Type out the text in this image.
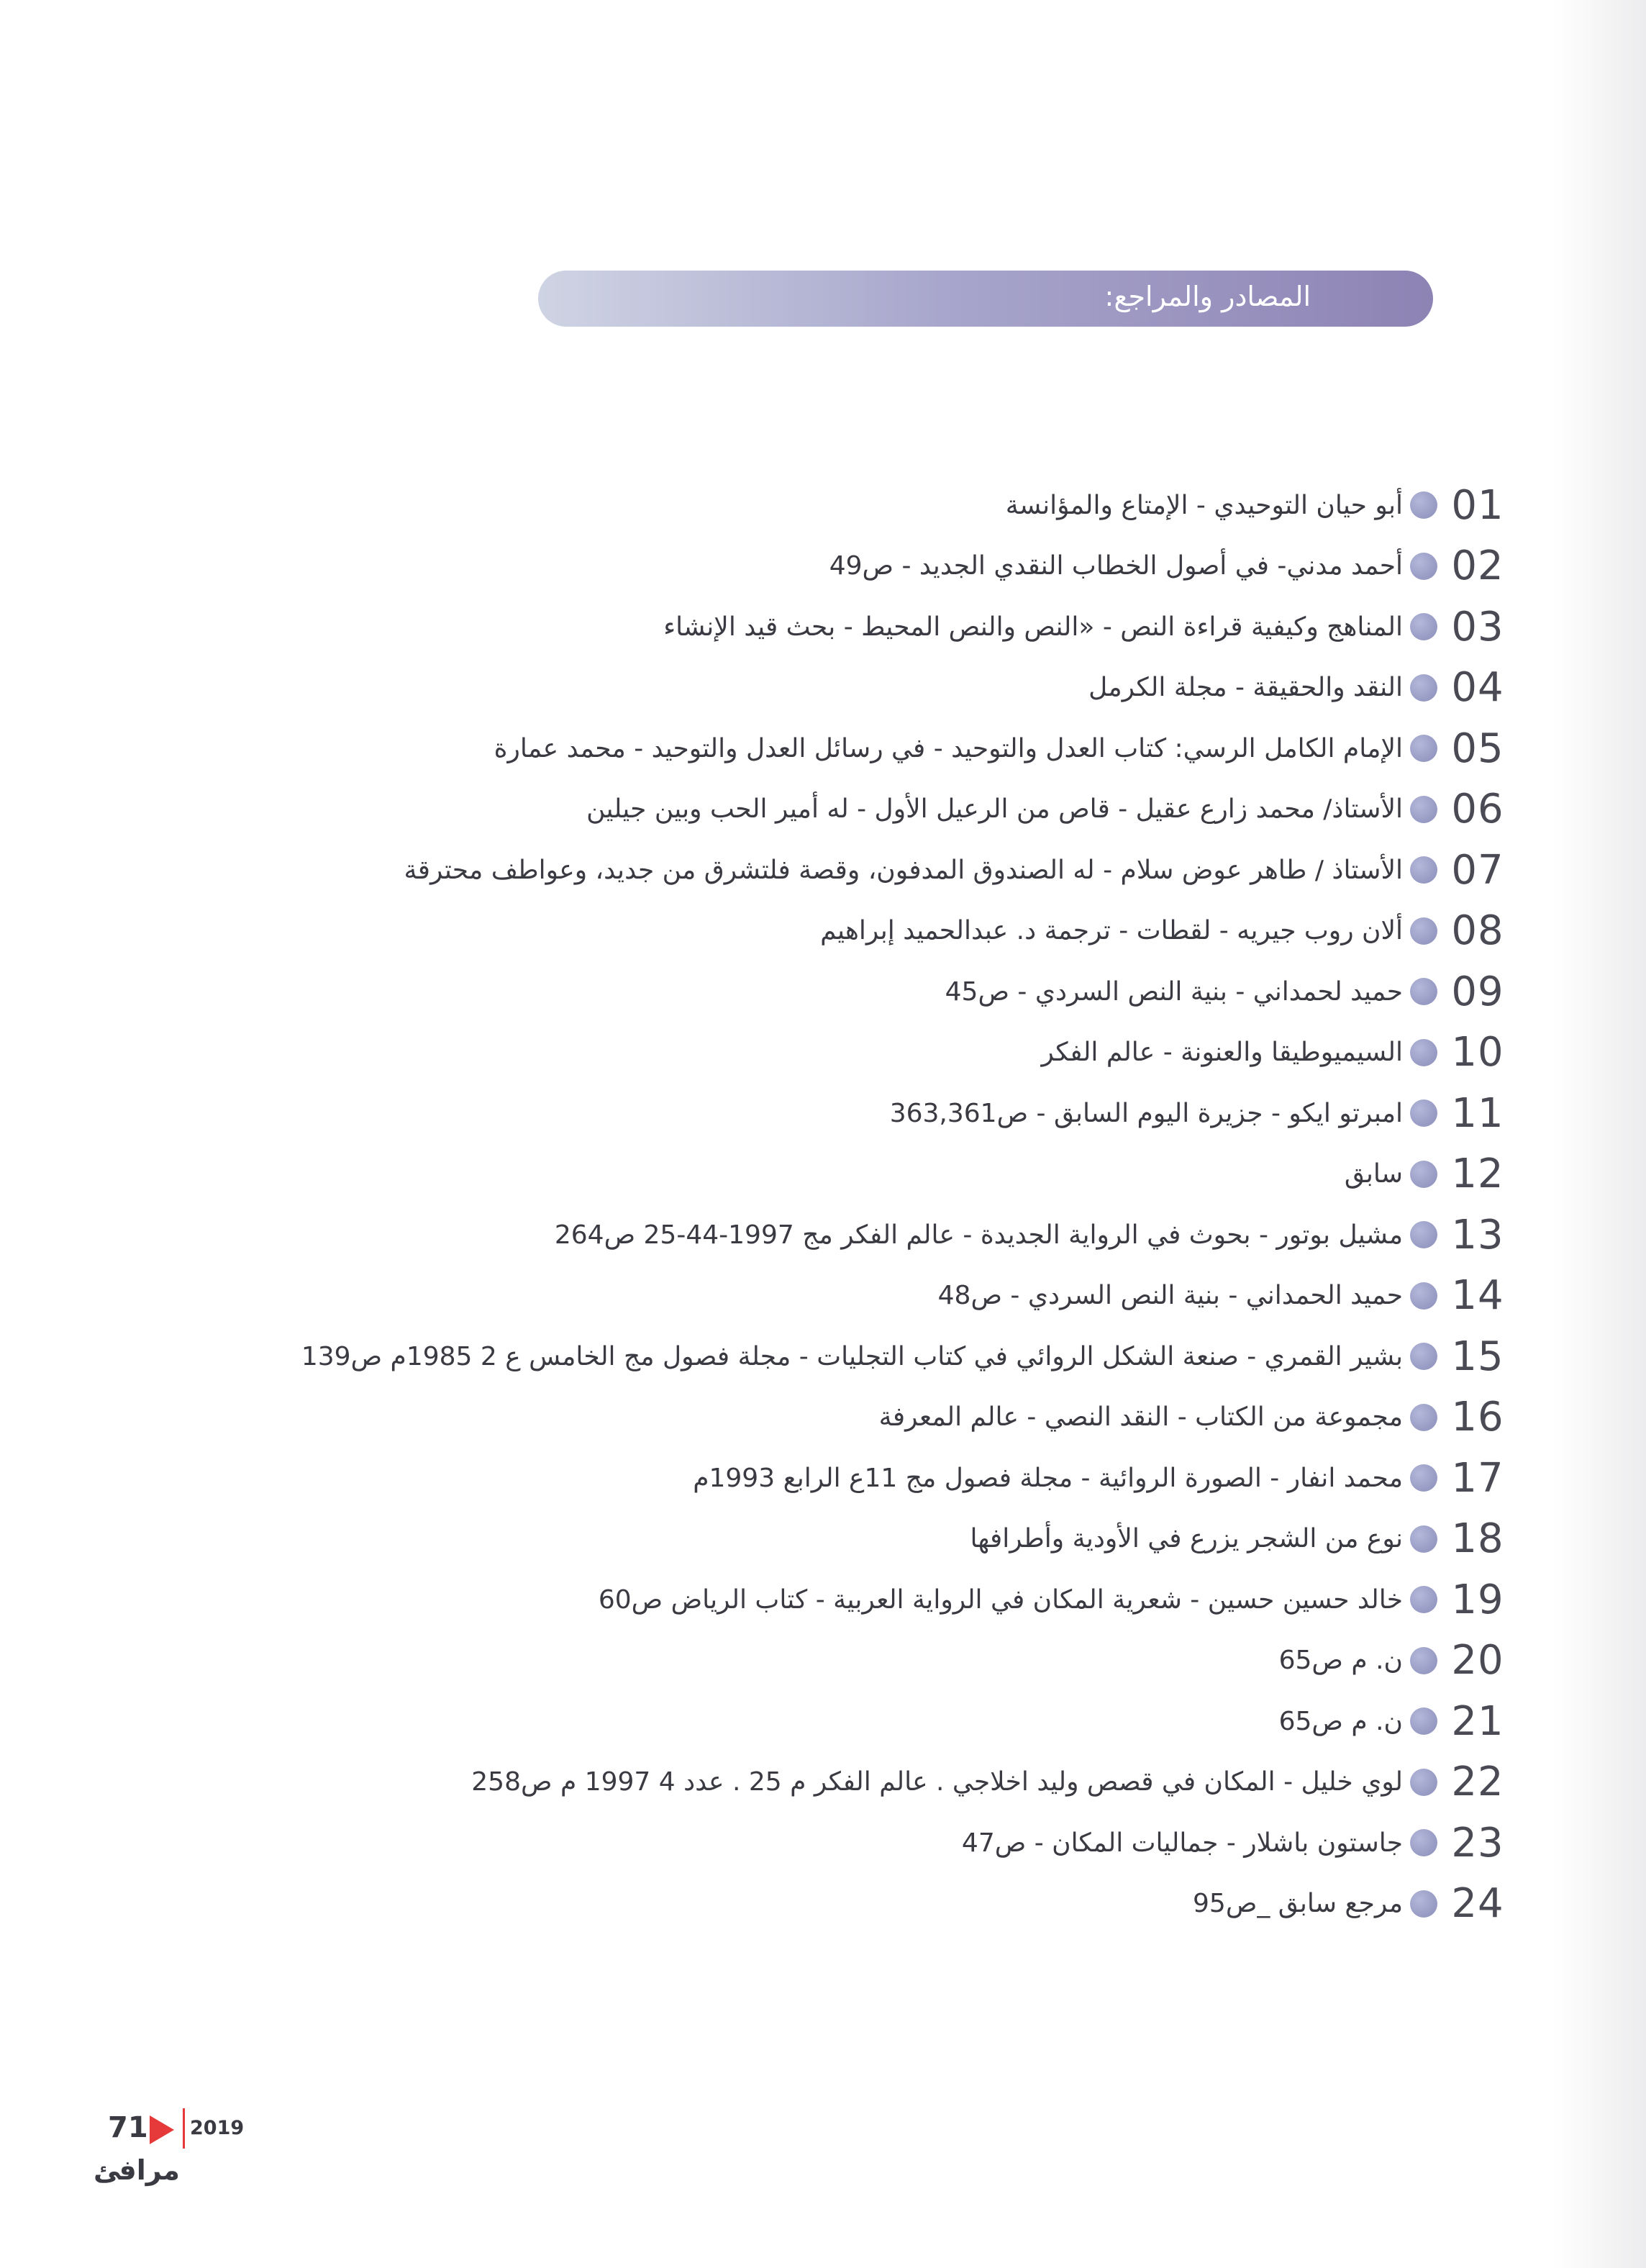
المصادر والمراجع:
01
أبو حيان التوحيدي - الإمتاع والمؤانسة
02
أحمد مدني- في أصول الخطاب النقدي الجديد - ص49
03
المناهج وكيفية قراءة النص - «النص والنص المحيط - بحث قيد الإنشاء
04
النقد والحقيقة - مجلة الكرمل
05
الإمام الكامل الرسي: كتاب العدل والتوحيد - في رسائل العدل والتوحيد - محمد عمارة
06
الأستاذ/ محمد زارع عقيل - قاص من الرعيل الأول - له أمير الحب وبين جيلين
07
الأستاذ / طاهر عوض سلام - له الصندوق المدفون، وقصة فلتشرق من جديد، وعواطف محترقة
08
ألان روب جيريه - لقطات - ترجمة د. عبدالحميد إبراهيم
09
حميد لحمداني - بنية النص السردي - ص45
10
السيميوطيقا والعنونة - عالم الفكر
11
امبرتو ايكو - جزيرة اليوم السابق - ص363,361
12
سابق
13
مشيل بوتور - بحوث في الرواية الجديدة - عالم الفكر مج 1997-44-25 ص264
14
حميد الحمداني - بنية النص السردي - ص48
15
بشير القمري - صنعة الشكل الروائي في كتاب التجليات - مجلة فصول مج الخامس ع 2 1985م ص139
16
مجموعة من الكتاب - النقد النصي - عالم المعرفة
17
محمد انفار - الصورة الروائية - مجلة فصول مج 11ع الرابع 1993م
18
نوع من الشجر يزرع في الأودية وأطرافها
19
خالد حسين حسين - شعرية المكان في الرواية العربية - كتاب الرياض ص60
20
ن. م ص65
21
ن. م ص65
22
لوي خليل - المكان في قصص وليد اخلاجي . عالم الفكر م 25 . عدد 4 1997 م ص258
23
جاستون باشلار - جماليات المكان - ص47
24
مرجع سابق _ص95
71 2019
مرافئ
